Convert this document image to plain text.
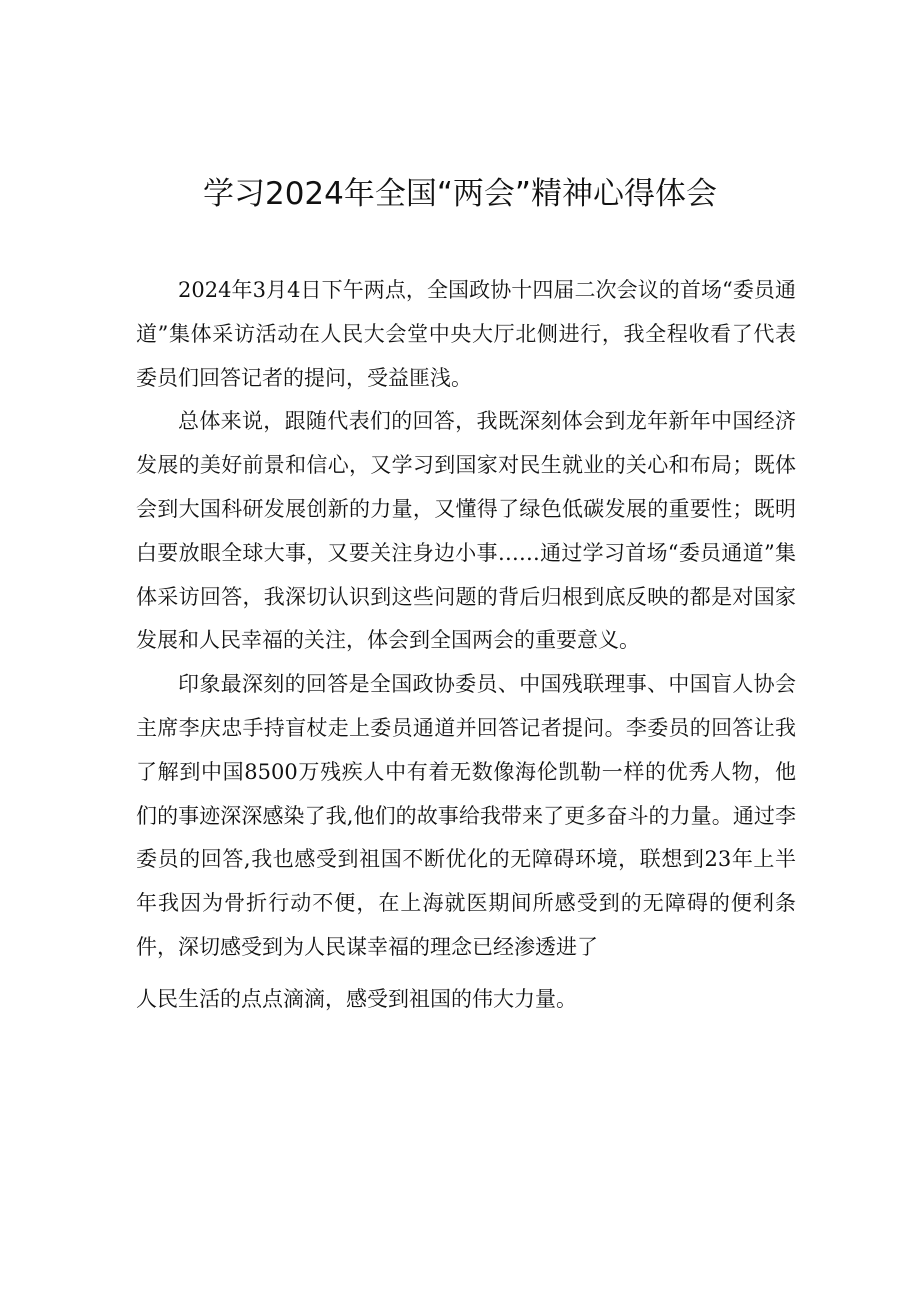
学习2024年全国“两会”精神心得体会

2024年3月4日下午两点，全国政协十四届二次会议的首场“委员通道”集体采访活动在人民大会堂中央大厅北侧进行，我全程收看了代表委员们回答记者的提问，受益匪浅。

总体来说，跟随代表们的回答，我既深刻体会到龙年新年中国经济发展的美好前景和信心，又学习到国家对民生就业的关心和布局；既体会到大国科研发展创新的力量，又懂得了绿色低碳发展的重要性；既明白要放眼全球大事，又要关注身边小事……通过学习首场“委员通道”集体采访回答，我深切认识到这些问题的背后归根到底反映的都是对国家发展和人民幸福的关注，体会到全国两会的重要意义。

印象最深刻的回答是全国政协委员、中国残联理事、中国盲人协会主席李庆忠手持盲杖走上委员通道并回答记者提问。李委员的回答让我了解到中国8500万残疾人中有着无数像海伦凯勒一样的优秀人物，他们的事迹深深感染了我,他们的故事给我带来了更多奋斗的力量。通过李委员的回答,我也感受到祖国不断优化的无障碍环境，联想到23年上半年我因为骨折行动不便，在上海就医期间所感受到的无障碍的便利条件，深切感受到为人民谋幸福的理念已经渗透进了

人民生活的点点滴滴，感受到祖国的伟大力量。
